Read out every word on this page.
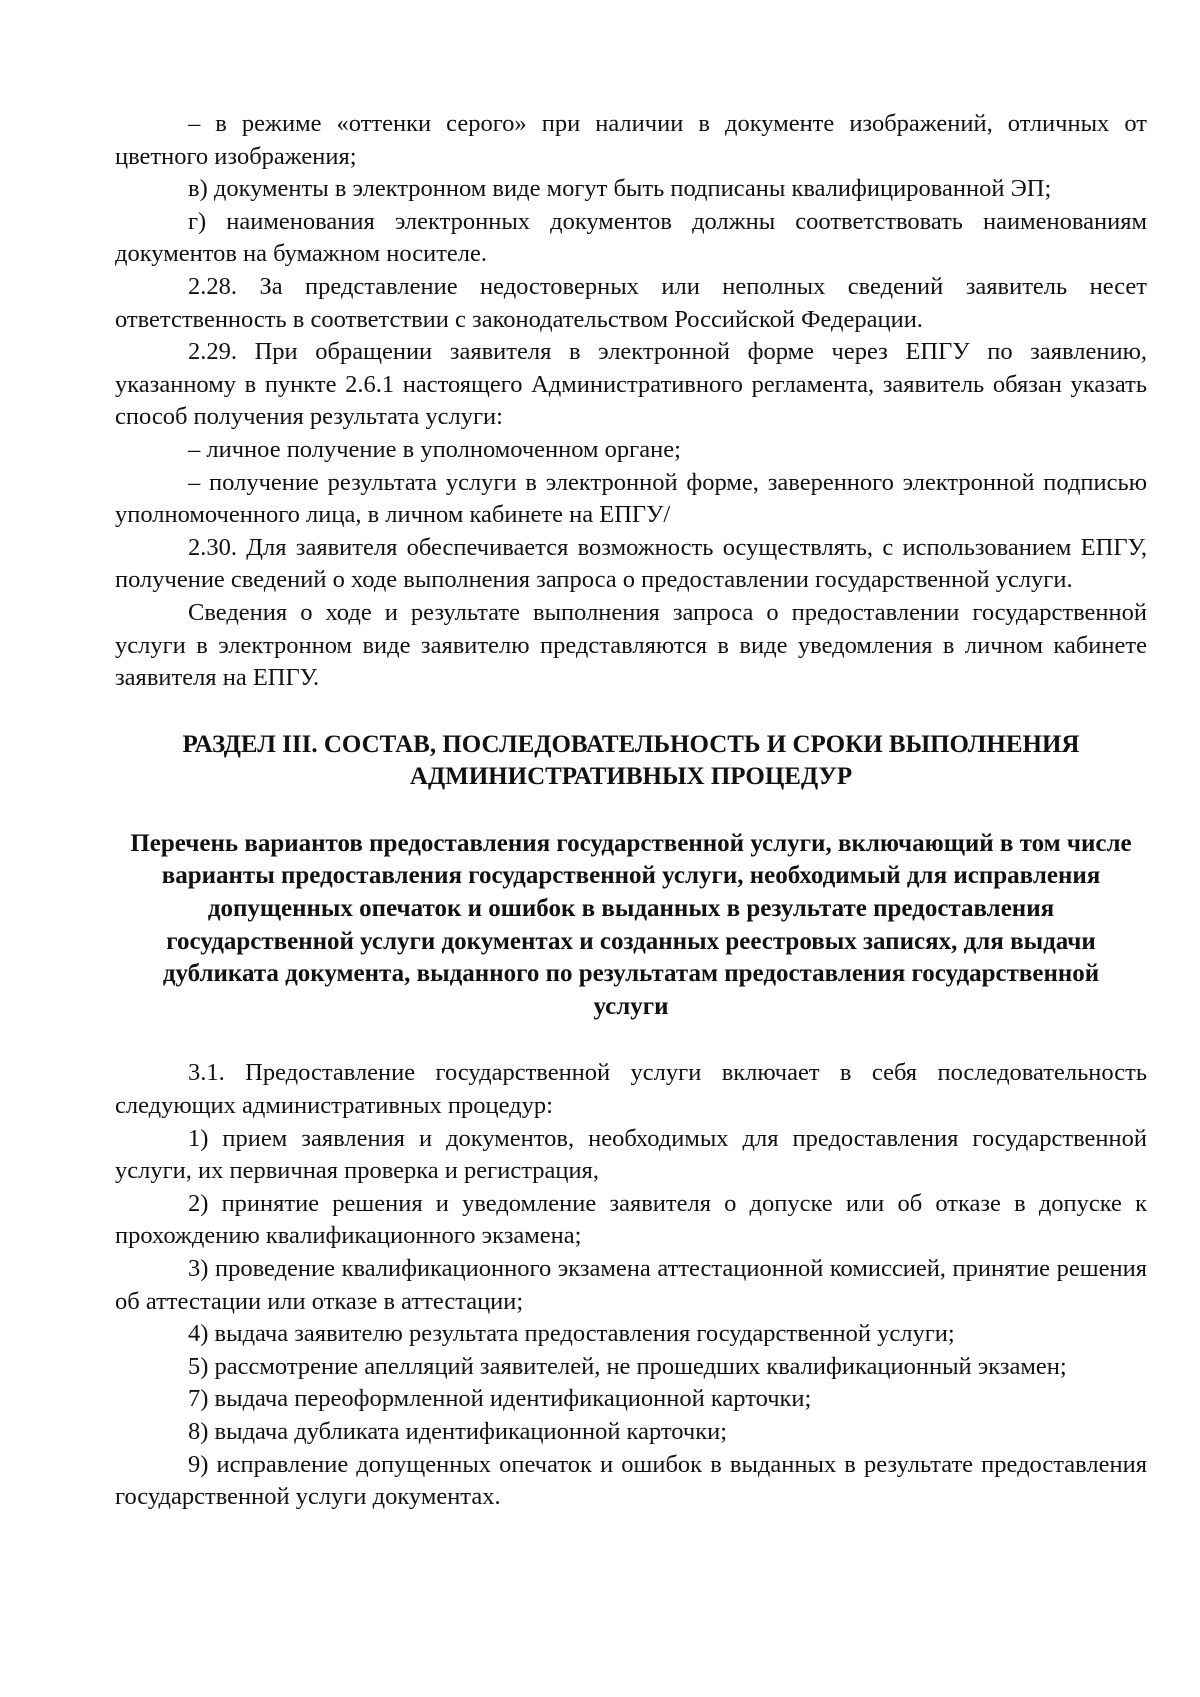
– в режиме «оттенки серого» при наличии в документе изображений, отличных от цветного изображения;

в) документы в электронном виде могут быть подписаны квалифицированной ЭП;

г) наименования электронных документов должны соответствовать наименованиям документов на бумажном носителе.

2.28. За представление недостоверных или неполных сведений заявитель несет ответственность в соответствии с законодательством Российской Федерации.

2.29. При обращении заявителя в электронной форме через ЕПГУ по заявлению, указанному в пункте 2.6.1 настоящего Административного регламента, заявитель обязан указать способ получения результата услуги:

– личное получение в уполномоченном органе;

– получение результата услуги в электронной форме, заверенного электронной подписью уполномоченного лица, в личном кабинете на ЕПГУ/

2.30. Для заявителя обеспечивается возможность осуществлять, с использованием ЕПГУ, получение сведений о ходе выполнения запроса о предоставлении государственной услуги.

Сведения о ходе и результате выполнения запроса о предоставлении государственной услуги в электронном виде заявителю представляются в виде уведомления в личном кабинете заявителя на ЕПГУ.

РАЗДЕЛ III. СОСТАВ, ПОСЛЕДОВАТЕЛЬНОСТЬ И СРОКИ ВЫПОЛНЕНИЯ АДМИНИСТРАТИВНЫХ ПРОЦЕДУР

Перечень вариантов предоставления государственной услуги, включающий в том числе варианты предоставления государственной услуги, необходимый для исправления допущенных опечаток и ошибок в выданных в результате предоставления государственной услуги документах и созданных реестровых записях, для выдачи дубликата документа, выданного по результатам предоставления государственной услуги

3.1. Предоставление государственной услуги включает в себя последовательность следующих административных процедур:

1) прием заявления и документов, необходимых для предоставления государственной услуги, их первичная проверка и регистрация,

2) принятие решения и уведомление заявителя о допуске или об отказе в допуске к прохождению квалификационного экзамена;

3) проведение квалификационного экзамена аттестационной комиссией, принятие решения об аттестации или отказе в аттестации;

4) выдача заявителю результата предоставления государственной услуги;

5) рассмотрение апелляций заявителей, не прошедших квалификационный экзамен;

7) выдача переоформленной идентификационной карточки;

8) выдача дубликата идентификационной карточки;

9) исправление допущенных опечаток и ошибок в выданных в результате предоставления государственной услуги документах.
